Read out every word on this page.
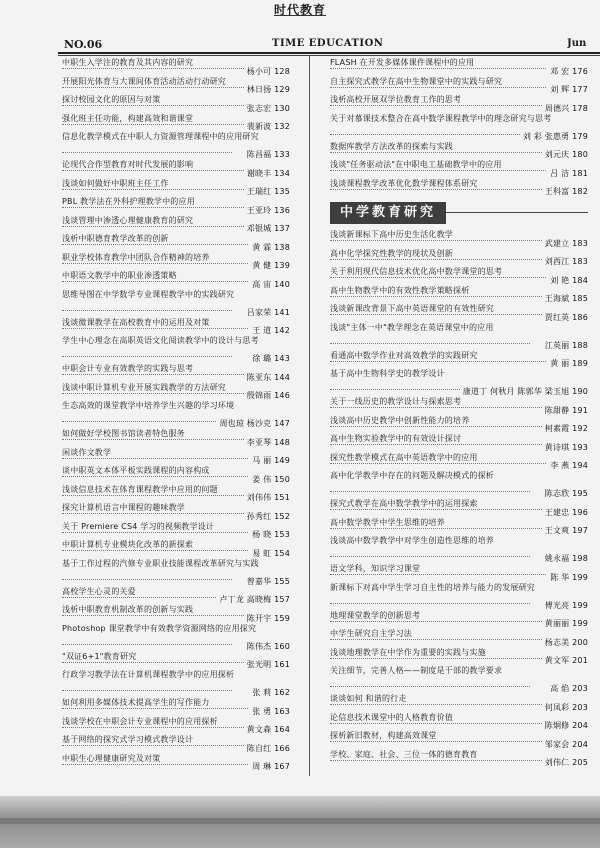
时代教育
NO.06	TIME EDUCATION	Jun
中职生入学注的教育及其内容的研究
杨小可 128
开展阳光体育与大课间体育活动活动行动研究
林日扬 129
探讨校园文化的原因与对策
张志宏 130
强化班主任功能，构建高效和谐课堂
裴新波 132
信息化教学模式在中职人力资源管理课程中的应用研究
陈昌福 133
论现代合作型教育对时代发展的影响
谢晓丰 134
浅谈如何做好中职班主任工作
王瑞红 135
PBL 教学法在外科护理教学中的应用
王亚玲 136
浅谈管理中渗透心理健康教育的研究
邓银城 137
浅析中职德育教学改革的创新
黄 霖 138
职业学校体育教学中团队合作精神的培养
黄 健 139
中职语文教学中的职业渗透策略
高 宙 140
思维导图在中学数学专业课程教学中的实践研究
吕家荣 141
浅谈微课教学在高校教育中的运用及对策
王 道 142
学生中心理念在高职英语文化阅读教学中的设计与思考
徐 璐 143
中职会计专业有效教学的实践与思考
陈亚东 144
浅谈中职计算机专业开展实践教学的方法研究
殷锦雨 146
生态高效的课堂教学中培养学生兴趣的学习环境
周也琼 杨沙克 147
如何做好学校图书馆读者特色服务
李亚琴 148
闲谈作文教学
马 丽 149
谈中职英文本体平板实践课程的内容构成
姜 伟 150
浅谈信息技术在体育课程教学中应用的问题
刘伟伟 151
探究计算机语言中课程的趣味教学
孙秀红 152
关于 Premiere CS4 学习的视频教学设计
杨 晓 153
中职计算机专业模块化改革的新探索
易 虹 154
基于工作过程的汽修专业职业技能课程改革研究与实践
曾嘉华 155
高校学生心灵的关爱
卢丁龙 高晓梅 157
浅析中职教育机制改革的创新与实践
陈开宇 159
Photoshop 课堂教学中有效教学资源网络的应用探究
陈伟杰 160
"双证6+1"教育研究
张光明 161
行政学习教学法在计算机课程教学中的应用探析
张 莉 162
如何利用多媒体技术提高学生的写作能力
张 勇 163
浅谈学校在中职会计专业课程中的应用探析
黄文森 164
基于网络的探究式学习模式教学设计
陈自红 166
中职生心理健康研究及对策
周 琳 167
FLASH 在开发多媒体课件课程中的应用
邓 宏 176
自主探究式教学在高中生物课堂中的实践与研究
刘 辉 177
浅析高校开展双学位教育工作的思考
周德兴 178
关于对慕课技术整合在高中数学课程教学中的理念研究与思考
刘 彩 张惠勇 179
数据库教学方法改革的探索与实践
刘元庆 180
浅谈"任务驱动法"在中职电工基础教学中的应用
吕 洁 181
浅谈课程教学改革优化数学课程体系研究
王科富 182
中学教育研究
浅谈新课标下高中历史生活化教学
武建立 183
高中化学探究性教学的现状及创新
刘西江 183
关于利用现代信息技术优化高中数学课堂的思考
刘 艳 184
高中生物教学中的有效性教学策略探析
王海斌 185
浅谈新课改背景下高中英语课堂的有效性研究
贾红英 186
浅谈"主体一中"教学理念在英语课堂中的应用
江英丽 188
看通高中数学作业对高效教学的实践研究
黄 丽 189
基于高中生物科学史的教学设计
康道丁 何秋月 陈郭华 梁玉旭 190
关于一线历史的教学设计与探索思考
陈甜静 191
浅谈高中历史教学中创新性能力的培养
柯素霞 192
高中生物实验教学中的有效设计探讨
黄诗琪 193
探究性教学模式在高中英语教学中的应用
李 燕 194
高中化学教学中存在的问题及解决模式的探析
陈志欣 195
探究式教学在高中数学教学中的运用探索
王建忠 196
高中数学教学中学生思维的培养
王文爽 197
浅谈高中数学教学中对学生创造性思维的培养
姚永福 198
语文学科，知识学习课堂
陈 华 199
新课标下对高中学生学习自主性的培养与能力的发展研究
傅光亮 199
地理课堂教学的创新思考
黄丽丽 199
中学生研究自主学习法
杨志美 200
浅谈地理教学在中学作为重要的实践与实施
黄文军 201
关注细节，完善人格——制度是干部的教学要求
高 焰 203
谈谈如何 和谐的行走
何凤彩 203
论信息技术课堂中的人格教育价值
陈炯修 204
探析新旧教材，构建高效课堂
邹家会 204
学校、家庭、社会、三位一体的德育教育
刘伟仁 205
